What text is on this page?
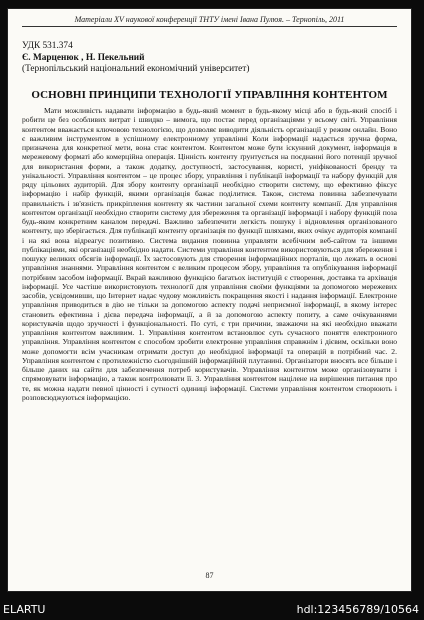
Матеріали XV наукової конференції ТНТУ імені Івана Пулюя. – Тернопіль, 2011
УДК 531.374
Є. Марценюк , Н. Пекельний
(Тернопільський національний економічний університет)
ОСНОВНІ ПРИНЦИПИ ТЕХНОЛОГІЇ УПРАВЛІННЯ КОНТЕНТОМ

Мати можливість надавати інформацію в будь-який момент в будь-якому місці або в будь-який спосіб і робити це без особливих витрат і швидко – вимога, що постає перед організаціями у всьому світі. Управління контентом вважається ключовою технологією, що дозволяє виводити діяльність організації у режим онлайн. Воно є важливим інструментом в успішному електронному управлінні Коли інформації надається зручна форма, призначена для конкретної мети, вона стає контентом. Контентом може бути іскунний документ, інформація в мережевому форматі або комерційна операція. Цінність контенту ґрунтується на поєднанні його потенції зручної для використання форми, а також додатку, доступності, застосування, користі, уніфікованості бренду та унікальності. Управління контентом – це процес збору, управління і публікації інформації та набору функцій для ряду цільових аудиторій. Для збору контенту організації необхідно створити систему, що ефективно фіксує інформацію і набір функцій, якими організація бажає поділитися. Також, система повинна забезпечувати правильність і зв'язність прикріплення контенту як частини загальної схеми контенту компанії. Для управління контентом організації необхідно створити систему для збереження та організації інформації і набору функцій поза будь-яким конкретним каналом передачі. Важливо забезпечити легкість пошуку і відновлення організованого контенту, що зберігається. Для публікації контенту організація по функції шляхами, яких очікує аудиторія компанії і на які вона відреагує позитивно. Система видання повинна управляти всебічним веб-сайтом та іншими публікаціями, які організації необхідно надати. Системи управління контентом використовуються для збереження і пошуку великих обсягів інформації. Їх застосовують для створення інформаційних порталів, що лежать в основі управління знаннями. Управління контентом є великим процесом збору, управління та опублікування інформації потрібним засобом інформації. Вкрай важливою функцією багатьох інституцій є створення, доставка та архівація інформації. Усе частіше використовують технології для управління своїми функціями за допомогою мережевих засобів, усвідомивши, що Інтернет надає чудову можливість покращення якості і надання інформації. Електронне управління приводиться в дію не тільки за допомогою аспекту подачі неприємної інформації, в якому інтерес становить ефективна і дієва передача інформації, а й за допомогою аспекту попиту, а саме очікуваннями користувачів щодо зручності і функціональності. По суті, є три причини, зважаючи на які необхідно вважати управління контентом важливим. 1. Управління контентом встановлює суть сучасного поняття електронного управління. Управління контентом є способом зробити електронне управління справжнім і дієвим, оскільки воно може допомогти всім учасникам отримати доступ до необхідної інформації та операцій в потрібний час. 2. Управління контентом є протилежністю сьогоднішній інформаційній плутанині. Організатори вносять все більше і більше даних на сайти для забезпечення потреб користувачів. Управління контентом може організовувати і спрямовувати інформацію, а також контролювати її. 3. Управління контентом націлене на вирішення питання про те, як можна надати певної цінності і сутності одиниці інформації. Системи управління контентом створюють і розповсюджуються інформацією.

87
ELARTU	hdl:123456789/10564
